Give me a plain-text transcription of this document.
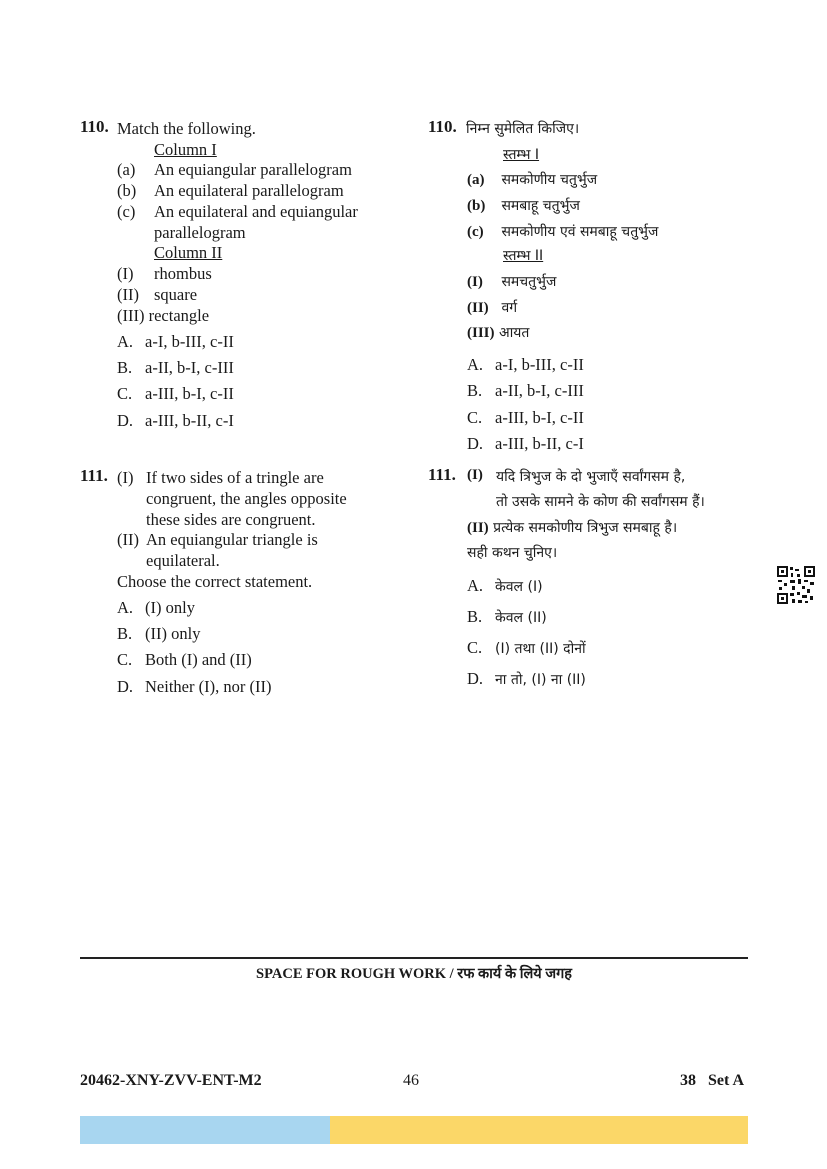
110. Match the following.
Column I
(a) An equiangular parallelogram
(b) An equilateral parallelogram
(c) An equilateral and equiangular
parallelogram
Column II
(I) rhombus
(II) square
(III) rectangle
A. a-I, b-III, c-II
B. a-II, b-I, c-III
C. a-III, b-I, c-II
D. a-III, b-II, c-I
110. निम्न सुमेलित किजिए।
स्तम्भ I
(a) समकोणीय चतुर्भुज
(b) समबाहू चतुर्भुज
(c) समकोणीय एवं समबाहू चतुर्भुज
स्तम्भ II
(I) समचतुर्भुज
(II) वर्ग
(III) आयत
A. a-I, b-III, c-II
B. a-II, b-I, c-III
C. a-III, b-I, c-II
D. a-III, b-II, c-I
111. (I) If two sides of a tringle are
congruent, the angles opposite
these sides are congruent.
(II) An equiangular triangle is
equilateral.
Choose the correct statement.
A. (I) only
B. (II) only
C. Both (I) and (II)
D. Neither (I), nor (II)
111. (I) यदि त्रिभुज के दो भुजाएँ सर्वांगसम है,
तो उसके सामने के कोण की सर्वांगसम हैं।
(II) प्रत्येक समकोणीय त्रिभुज समबाहू है।
सही कथन चुनिए।
A. केवल (I)
B. केवल (II)
C. (I) तथा (II) दोनों
D. ना तो, (I) ना (II)
SPACE FOR ROUGH WORK / रफ कार्य के लिये जगह
20462-XNY-ZVV-ENT-M2	46	38   Set A
